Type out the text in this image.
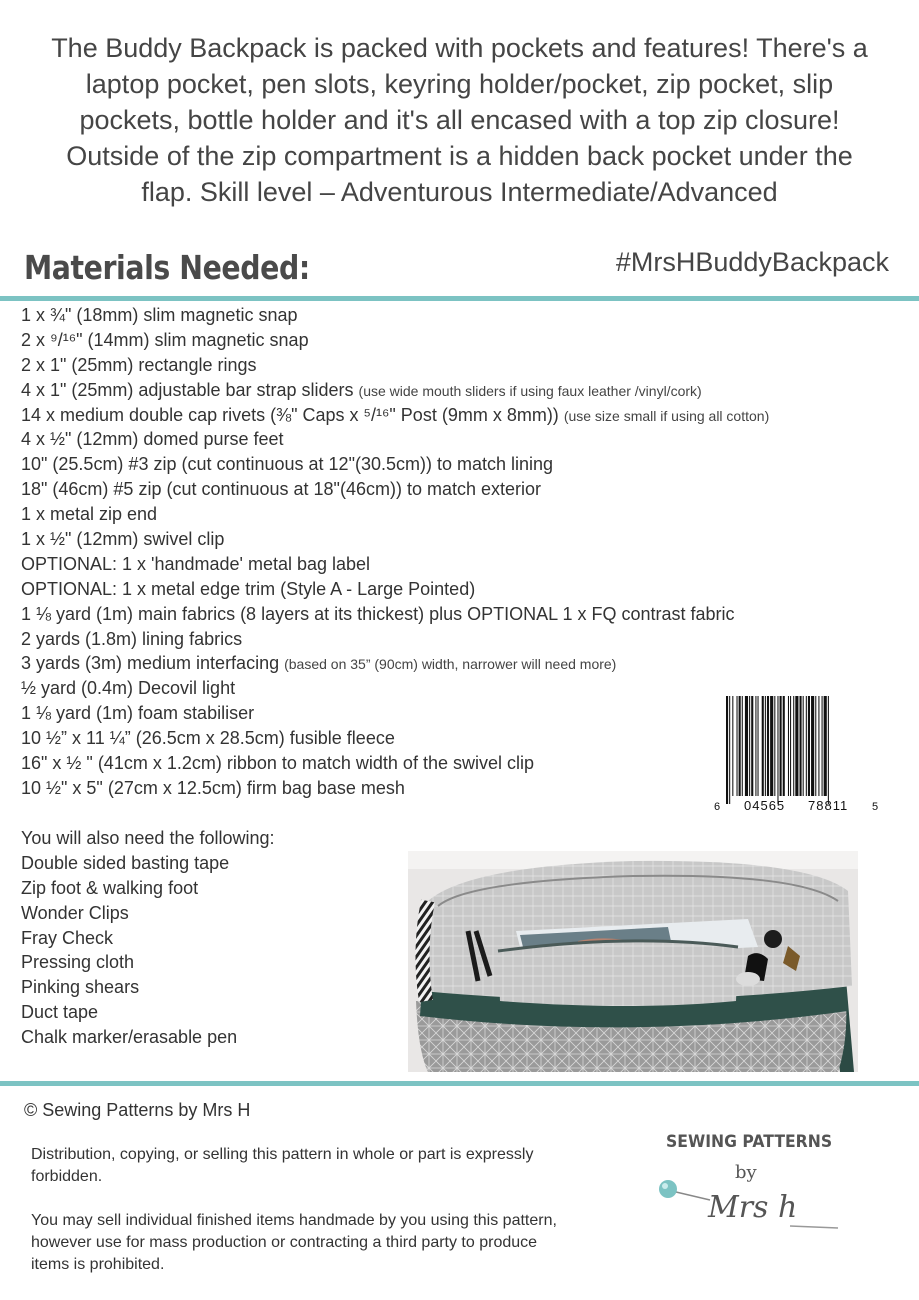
The Buddy Backpack is packed with pockets and features! There's a
laptop pocket, pen slots, keyring holder/pocket, zip pocket, slip
pockets, bottle holder and it's all encased with a top zip closure!
Outside of the zip compartment is a hidden back pocket under the
flap. Skill level – Adventurous Intermediate/Advanced
Materials Needed:	#MrsHBuddyBackpack
1 x ¾" (18mm) slim magnetic snap
2 x ⁹/¹⁶" (14mm) slim magnetic snap
2 x 1" (25mm) rectangle rings
4 x 1" (25mm) adjustable bar strap sliders (use wide mouth sliders if using faux leather /vinyl/cork)
14 x medium double cap rivets (⅜" Caps x ⁵/¹⁶" Post (9mm x 8mm)) (use size small if using all cotton)
4 x ½" (12mm) domed purse feet
10" (25.5cm) #3 zip (cut continuous at 12"(30.5cm)) to match lining
18" (46cm) #5 zip (cut continuous at 18"(46cm)) to match exterior
1 x metal zip end
1 x ½" (12mm) swivel clip
OPTIONAL: 1 x 'handmade' metal bag label
OPTIONAL: 1 x metal edge trim (Style A - Large Pointed)
1 ⅛ yard (1m) main fabrics (8 layers at its thickest) plus OPTIONAL 1 x FQ contrast fabric
2 yards (1.8m) lining fabrics
3 yards (3m) medium interfacing (based on 35” (90cm) width, narrower will need more)
½ yard (0.4m) Decovil light
1 ⅛ yard (1m) foam stabiliser
10 ½” x 11 ¼” (26.5cm x 28.5cm) fusible fleece
16" x ½ " (41cm x 1.2cm) ribbon to match width of the swivel clip
10 ½" x 5" (27cm x 12.5cm) firm bag base mesh
6 04565 78811 5
You will also need the following:
Double sided basting tape
Zip foot & walking foot
Wonder Clips
Fray Check
Pressing cloth
Pinking shears
Duct tape
Chalk marker/erasable pen
© Sewing Patterns by Mrs H

Distribution, copying, or selling this pattern in whole or part is expressly forbidden.

You may sell individual finished items handmade by you using this pattern, however use for mass production or contracting a third party to produce items is prohibited.

SEWING PATTERNS
by
Mrs h
